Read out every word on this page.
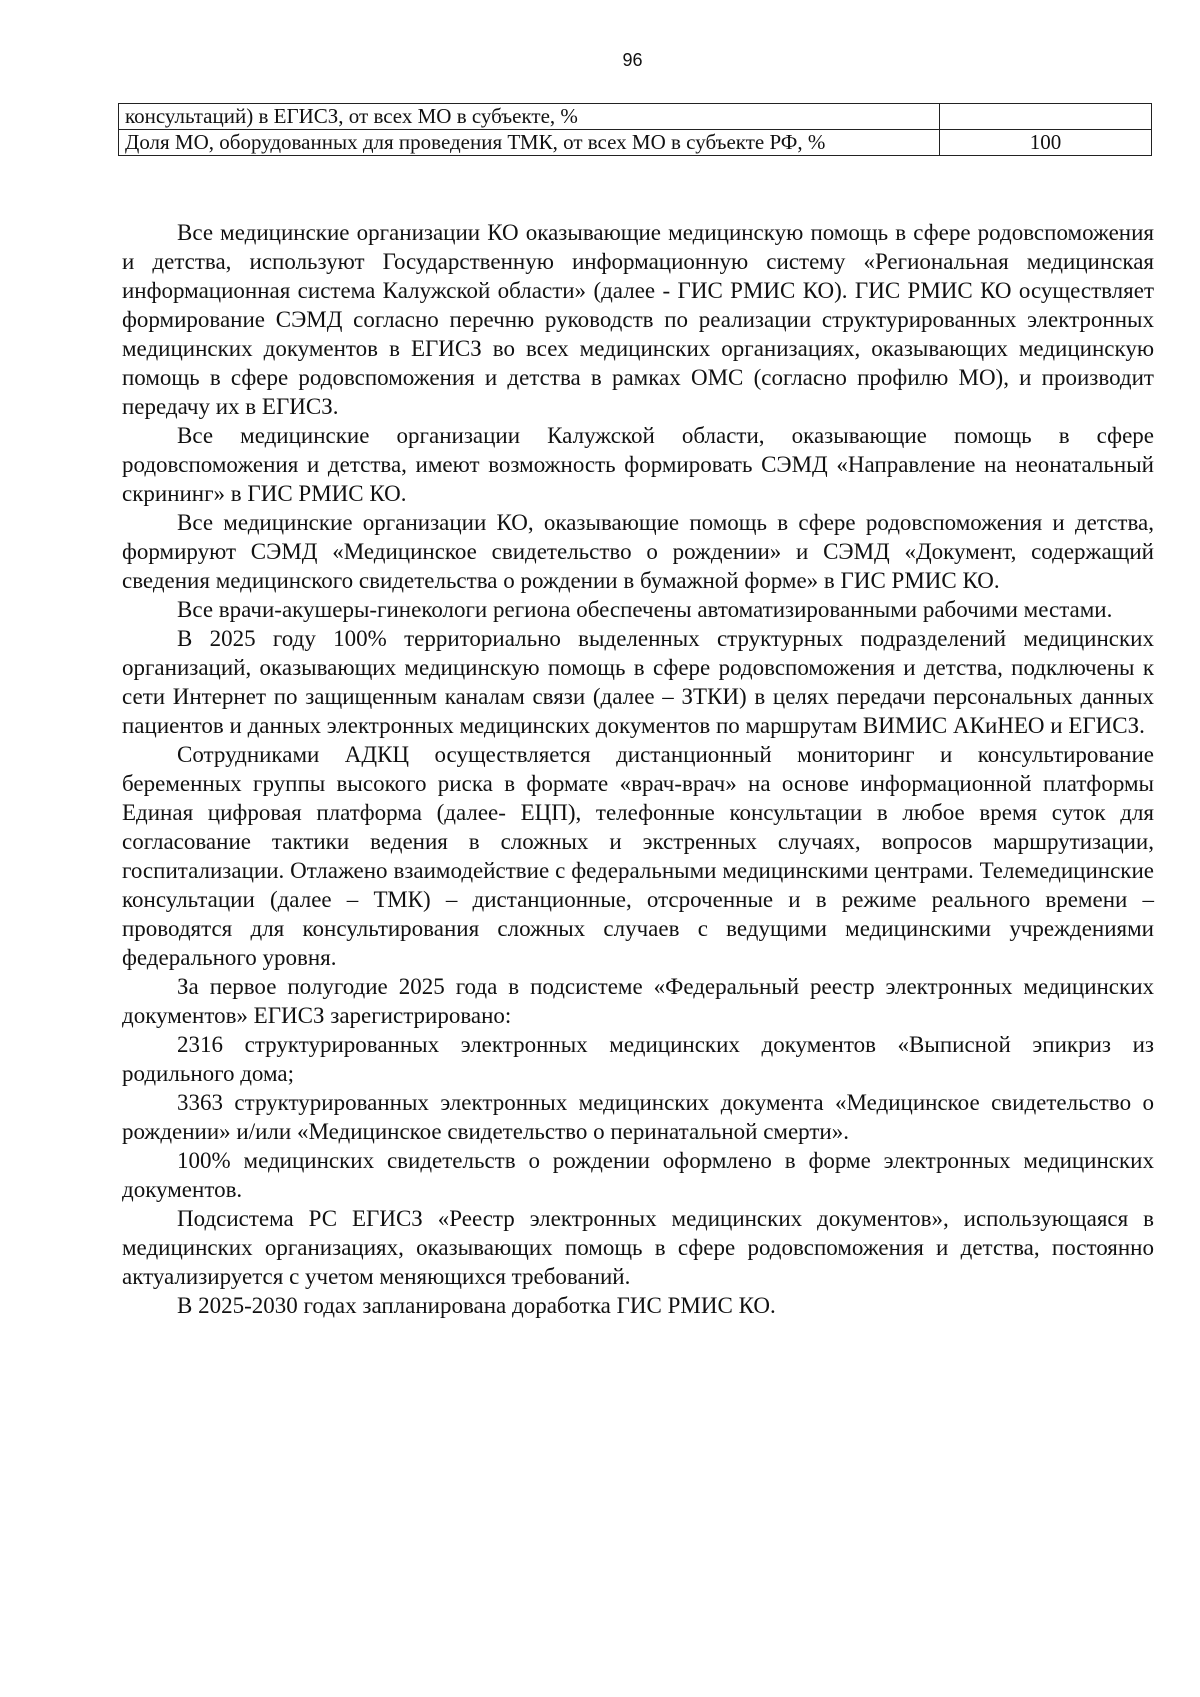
96
консультаций) в ЕГИСЗ, от всех МО в субъекте, %	
Доля МО, оборудованных для проведения ТМК, от всех МО в субъекте РФ, %	100

Все медицинские организации КО оказывающие медицинскую помощь в сфере родовспоможения и детства, используют Государственную информационную систему «Региональная медицинская информационная система Калужской области» (далее - ГИС РМИС КО). ГИС РМИС КО осуществляет формирование СЭМД согласно перечню руководств по реализации структурированных электронных медицинских документов в ЕГИСЗ во всех медицинских организациях, оказывающих медицинскую помощь в сфере родовспоможения и детства в рамках ОМС (согласно профилю МО), и производит передачу их в ЕГИСЗ.

Все медицинские организации Калужской области, оказывающие помощь в сфере родовспоможения и детства, имеют возможность формировать СЭМД «Направление на неонатальный скрининг» в ГИС РМИС КО.

Все медицинские организации КО, оказывающие помощь в сфере родовспоможения и детства, формируют СЭМД «Медицинское свидетельство о рождении» и СЭМД «Документ, содержащий сведения медицинского свидетельства о рождении в бумажной форме» в ГИС РМИС КО.

Все врачи-акушеры-гинекологи региона обеспечены автоматизированными рабочими местами.

В 2025 году 100% территориально выделенных структурных подразделений медицинских организаций, оказывающих медицинскую помощь в сфере родовспоможения и детства, подключены к сети Интернет по защищенным каналам связи (далее – ЗТКИ) в целях передачи персональных данных пациентов и данных электронных медицинских документов по маршрутам ВИМИС АКиНЕО и ЕГИСЗ.

Сотрудниками АДКЦ осуществляется дистанционный мониторинг и консультирование беременных группы высокого риска в формате «врач-врач» на основе информационной платформы Единая цифровая платформа (далее- ЕЦП), телефонные консультации в любое время суток для согласование тактики ведения в сложных и экстренных случаях, вопросов маршрутизации, госпитализации. Отлажено взаимодействие с федеральными медицинскими центрами. Телемедицинские консультации (далее – ТМК) – дистанционные, отсроченные и в режиме реального времени – проводятся для консультирования сложных случаев с ведущими медицинскими учреждениями федерального уровня.

За первое полугодие 2025 года в подсистеме «Федеральный реестр электронных медицинских документов» ЕГИСЗ зарегистрировано:

2316 структурированных электронных медицинских документов «Выписной эпикриз из родильного дома;

3363 структурированных электронных медицинских документа «Медицинское свидетельство о рождении» и/или «Медицинское свидетельство о перинатальной смерти».

100% медицинских свидетельств о рождении оформлено в форме электронных медицинских документов.

Подсистема РС ЕГИСЗ «Реестр электронных медицинских документов», использующаяся в медицинских организациях, оказывающих помощь в сфере родовспоможения и детства, постоянно актуализируется с учетом меняющихся требований.

В 2025-2030 годах запланирована доработка ГИС РМИС КО.
